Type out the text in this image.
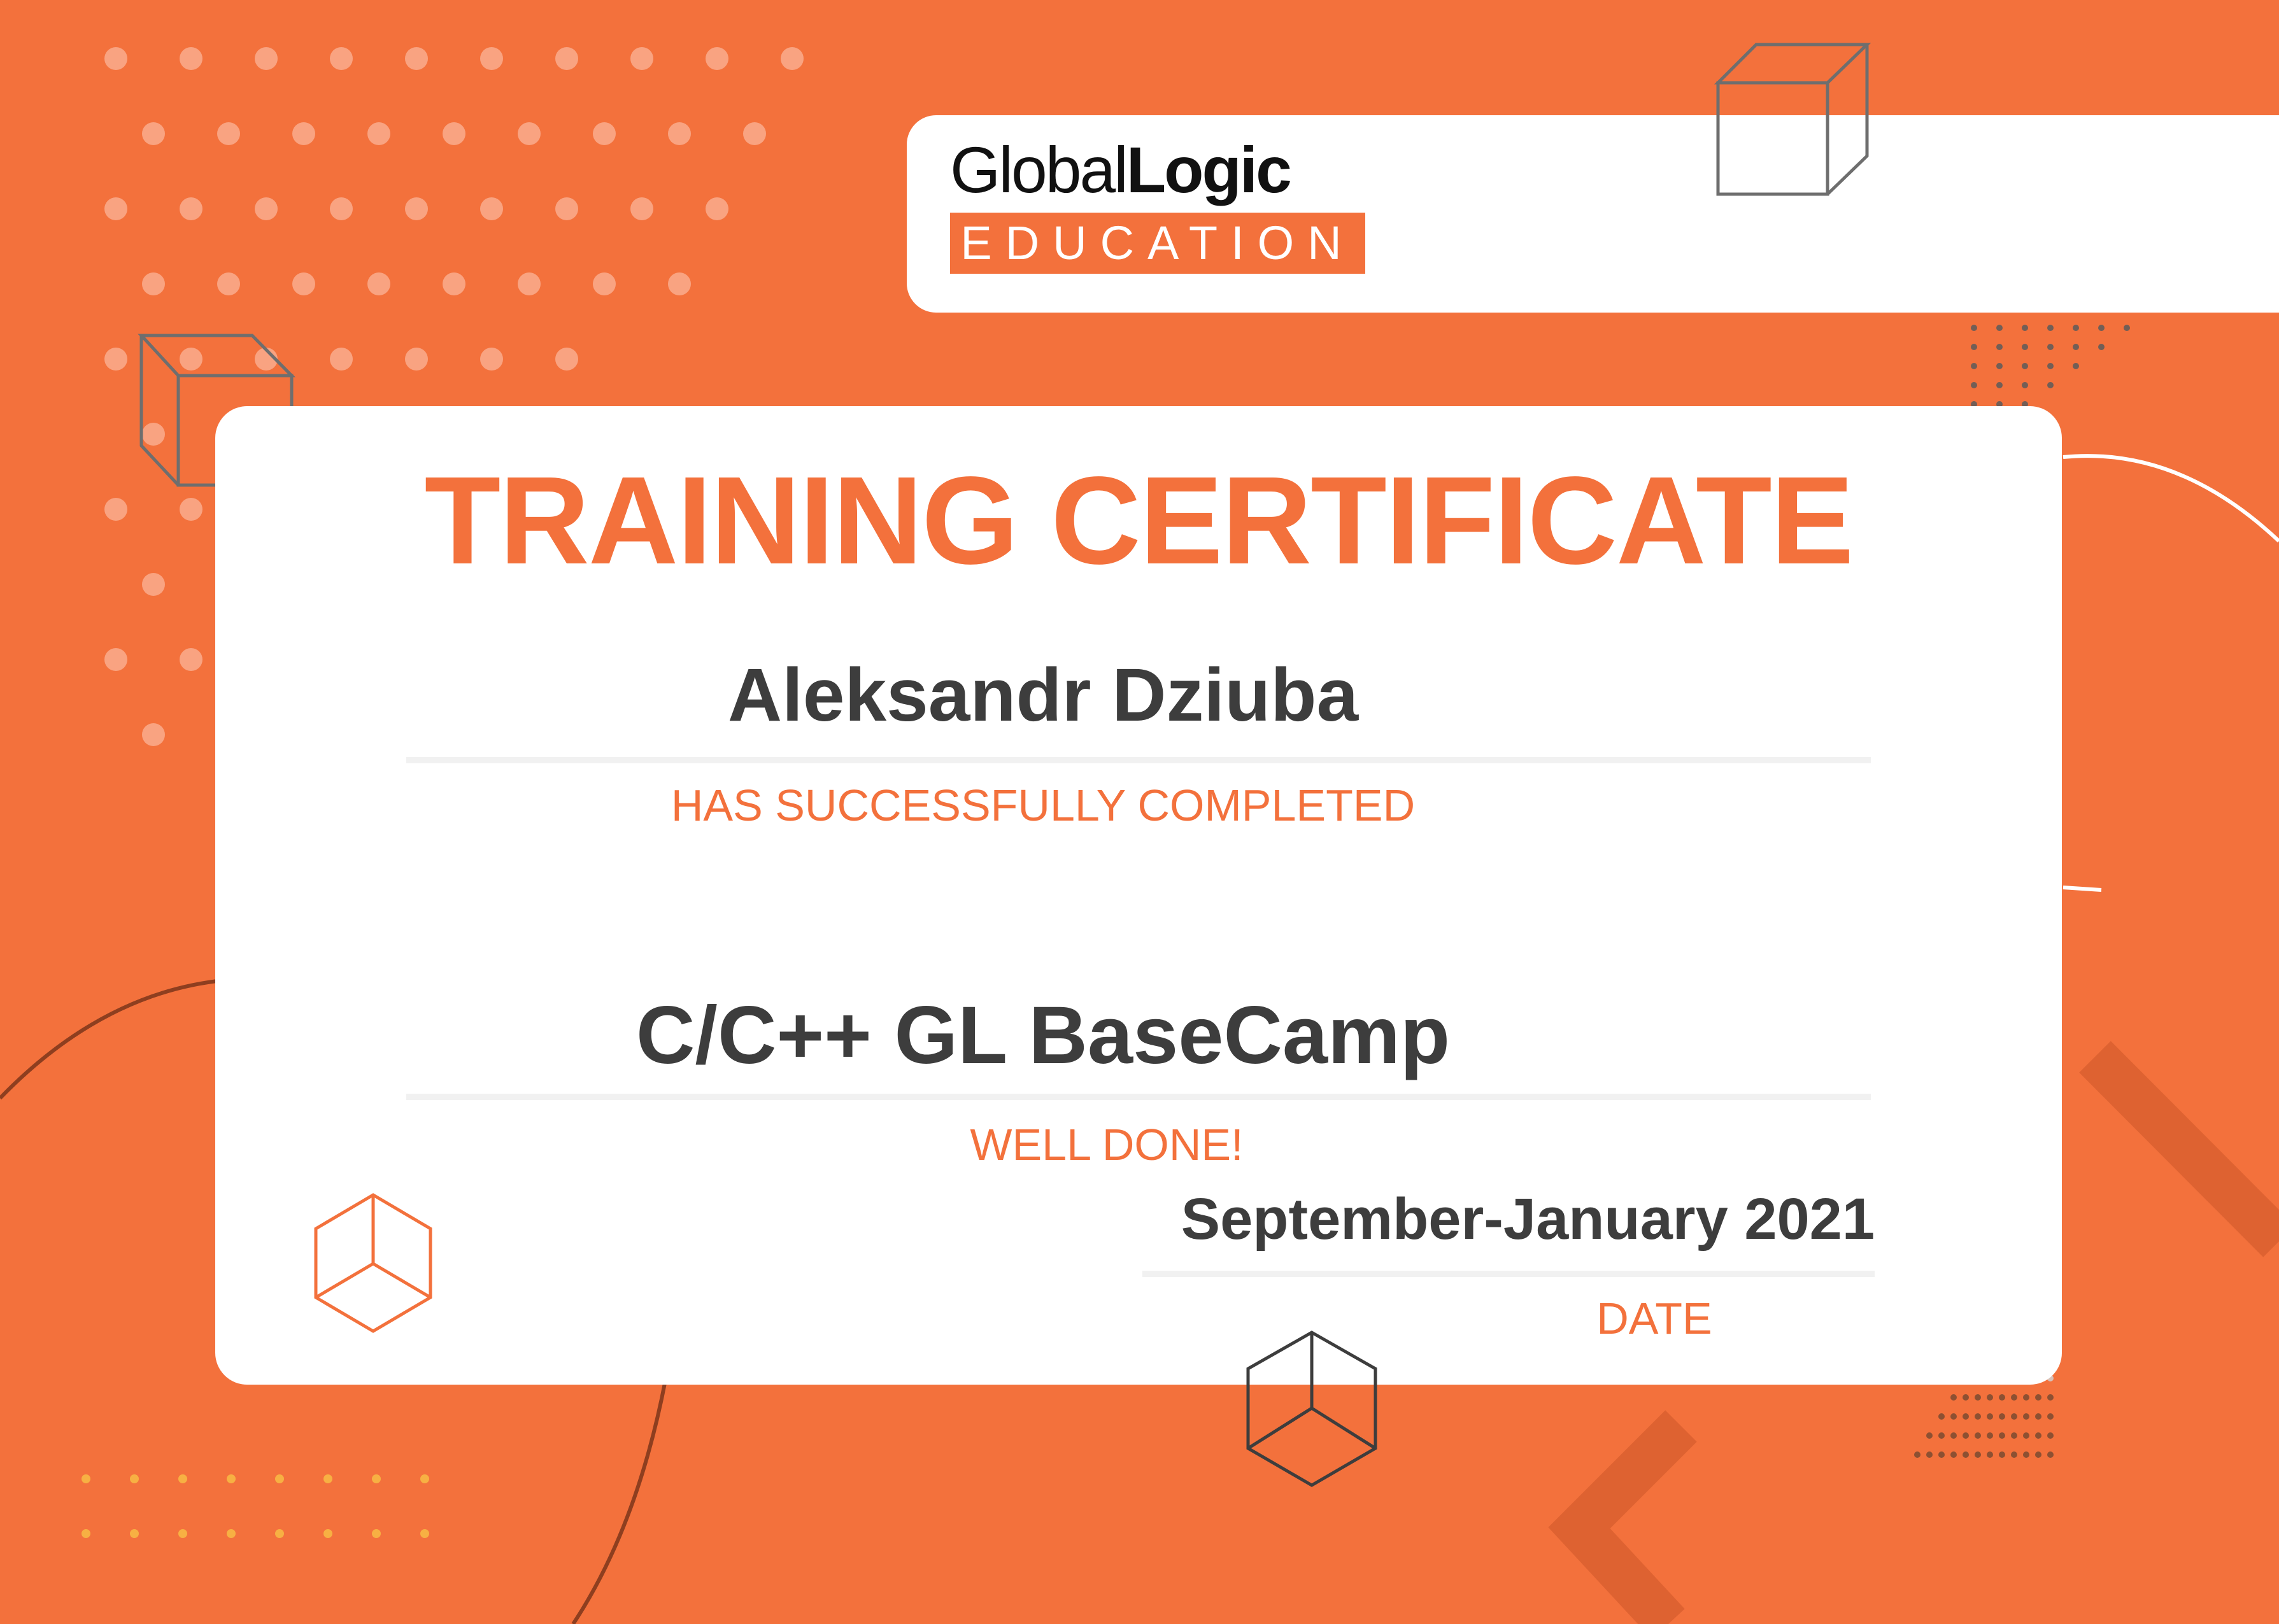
GlobalLogic
EDUCATION
TRAINING CERTIFICATE
Aleksandr Dziuba
HAS SUCCESSFULLY COMPLETED
C/C++ GL BaseCamp
WELL DONE!
September-January 2021
DATE
